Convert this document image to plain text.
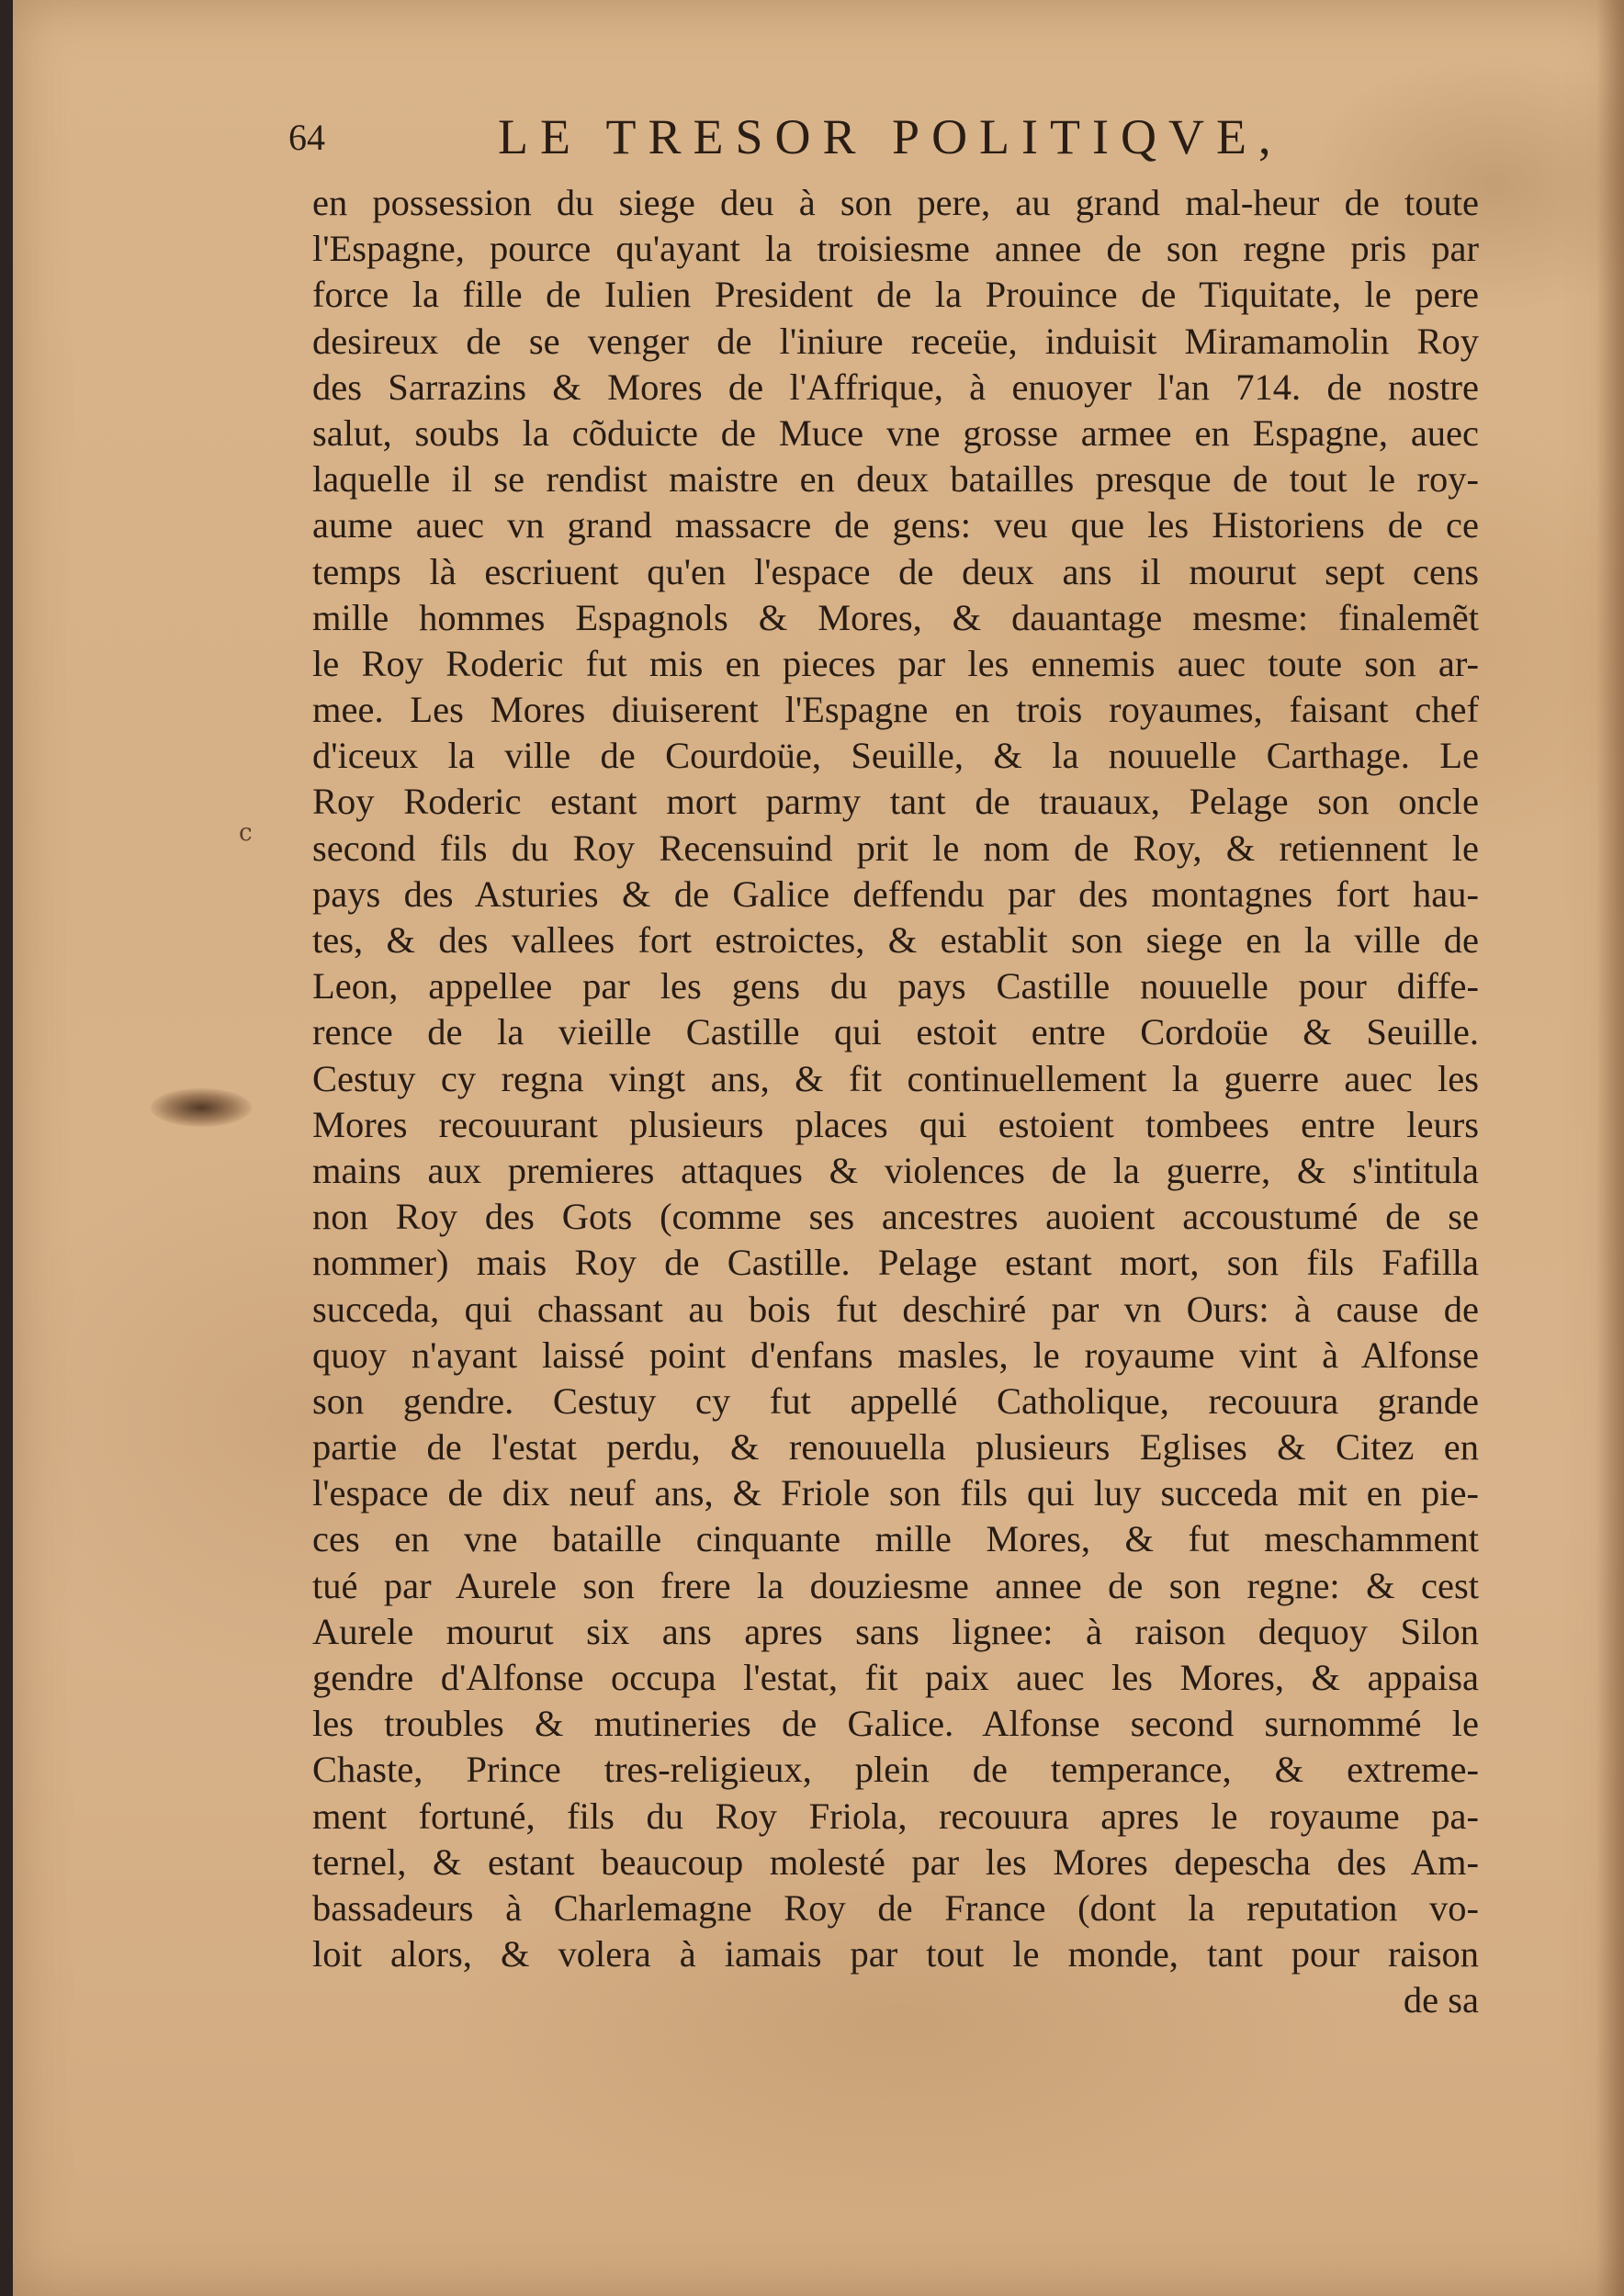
c
64	LE TRESOR POLITIQVE,
en possession du siege deu à son pere, au grand mal-heur de toute
l'Espagne, pource qu'ayant la troisiesme annee de son regne pris par
force la fille de Iulien President de la Prouince de Tiquitate, le pere
desireux de se venger de l'iniure receüe, induisit Miramamolin Roy
des Sarrazins & Mores de l'Affrique, à enuoyer l'an 714. de nostre
salut, soubs la cõduicte de Muce vne grosse armee en Espagne, auec
laquelle il se rendist maistre en deux batailles presque de tout le roy-
aume auec vn grand massacre de gens: veu que les Historiens de ce
temps là escriuent qu'en l'espace de deux ans il mourut sept cens
mille hommes Espagnols & Mores, & dauantage mesme: finalemẽt
le Roy Roderic fut mis en pieces par les ennemis auec toute son ar-
mee. Les Mores diuiserent l'Espagne en trois royaumes, faisant chef
d'iceux la ville de Courdoüe, Seuille, & la nouuelle Carthage. Le
Roy Roderic estant mort parmy tant de trauaux, Pelage son oncle
second fils du Roy Recensuind prit le nom de Roy, & retiennent le
pays des Asturies & de Galice deffendu par des montagnes fort hau-
tes, & des vallees fort estroictes, & establit son siege en la ville de
Leon, appellee par les gens du pays Castille nouuelle pour diffe-
rence de la vieille Castille qui estoit entre Cordoüe & Seuille.
Cestuy cy regna vingt ans, & fit continuellement la guerre auec les
Mores recouurant plusieurs places qui estoient tombees entre leurs
mains aux premieres attaques & violences de la guerre, & s'intitula
non Roy des Gots (comme ses ancestres auoient accoustumé de se
nommer) mais Roy de Castille. Pelage estant mort, son fils Fafilla
succeda, qui chassant au bois fut deschiré par vn Ours: à cause de
quoy n'ayant laissé point d'enfans masles, le royaume vint à Alfonse
son gendre. Cestuy cy fut appellé Catholique, recouura grande
partie de l'estat perdu, & renouuella plusieurs Eglises & Citez en
l'espace de dix neuf ans, & Friole son fils qui luy succeda mit en pie-
ces en vne bataille cinquante mille Mores, & fut meschamment
tué par Aurele son frere la douziesme annee de son regne: & cest
Aurele mourut six ans apres sans lignee: à raison dequoy Silon
gendre d'Alfonse occupa l'estat, fit paix auec les Mores, & appaisa
les troubles & mutineries de Galice. Alfonse second surnommé le
Chaste, Prince tres-religieux, plein de temperance, & extreme-
ment fortuné, fils du Roy Friola, recouura apres le royaume pa-
ternel, & estant beaucoup molesté par les Mores depescha des Am-
bassadeurs à Charlemagne Roy de France (dont la reputation vo-
loit alors, & volera à iamais par tout le monde, tant pour raison
de sa
